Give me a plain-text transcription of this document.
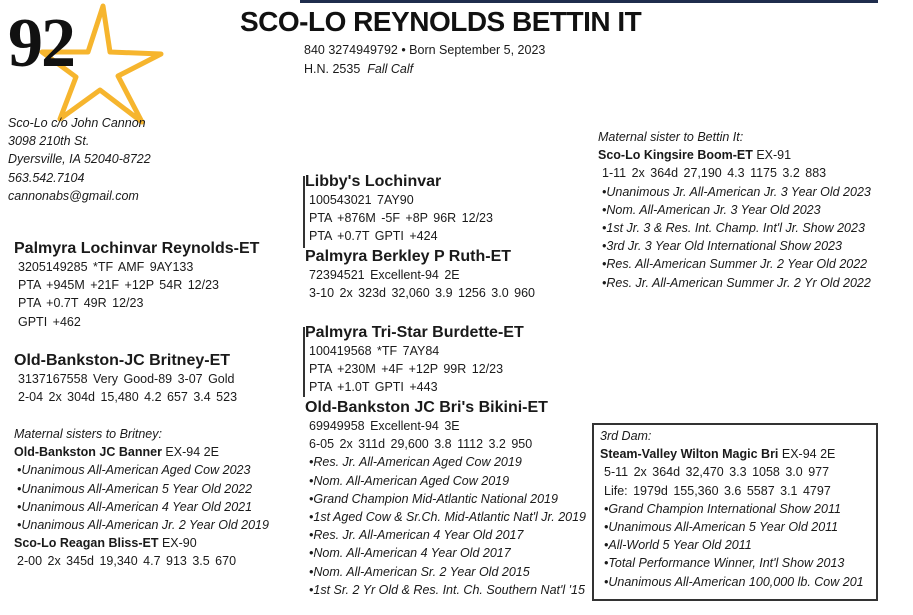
92	SCO-LO REYNOLDS BETTIN IT
840 3274949792 • Born September 5, 2023
H.N. 2535 Fall Calf
Sco-Lo c/o John Cannon
3098 210th St.
Dyersville, IA 52040-8722
563.542.7104
cannonabs@gmail.com
Libby's Lochinvar
100543021 7AY90
PTA +876M -5F +8P 96R 12/23
PTA +0.7T GPTI +424
Palmyra Berkley P Ruth-ET
72394521 Excellent-94 2E
3-10 2x 323d 32,060 3.9 1256 3.0 960
Palmyra Lochinvar Reynolds-ET
3205149285 *TF AMF 9AY133
PTA +945M +21F +12P 54R 12/23
PTA +0.7T 49R 12/23
GPTI +462
Old-Bankston-JC Britney-ET
3137167558 Very Good-89 3-07 Gold
2-04 2x 304d 15,480 4.2 657 3.4 523
Maternal sisters to Britney:
Old-Bankston JC Banner EX-94 2E
•Unanimous All-American Aged Cow 2023
•Unanimous All-American 5 Year Old 2022
•Unanimous All-American 4 Year Old 2021
•Unanimous All-American Jr. 2 Year Old 2019
Sco-Lo Reagan Bliss-ET EX-90
2-00 2x 345d 19,340 4.7 913 3.5 670
Palmyra Tri-Star Burdette-ET
100419568 *TF 7AY84
PTA +230M +4F +12P 99R 12/23
PTA +1.0T GPTI +443
Old-Bankston JC Bri's Bikini-ET
69949958 Excellent-94 3E
6-05 2x 311d 29,600 3.8 1112 3.2 950
•Res. Jr. All-American Aged Cow 2019
•Nom. All-American Aged Cow 2019
•Grand Champion Mid-Atlantic National 2019
•1st Aged Cow & Sr.Ch. Mid-Atlantic Nat'l Jr. 2019
•Res. Jr. All-American 4 Year Old 2017
•Nom. All-American 4 Year Old 2017
•Nom. All-American Sr. 2 Year Old 2015
•1st Sr. 2 Yr Old & Res. Int. Ch. Southern Nat'l '15
Maternal sister to Bettin It:
Sco-Lo Kingsire Boom-ET EX-91
1-11 2x 364d 27,190 4.3 1175 3.2 883
•Unanimous Jr. All-American Jr. 3 Year Old 2023
•Nom. All-American Jr. 3 Year Old 2023
•1st Jr. 3 & Res. Int. Champ. Int'l Jr. Show 2023
•3rd Jr. 3 Year Old International Show 2023
•Res. All-American Summer Jr. 2 Year Old 2022
•Res. Jr. All-American Summer Jr. 2 Yr Old 2022
3rd Dam:
Steam-Valley Wilton Magic Bri EX-94 2E
5-11 2x 364d 32,470 3.3 1058 3.0 977
Life: 1979d 155,360 3.6 5587 3.1 4797
•Grand Champion International Show 2011
•Unanimous All-American 5 Year Old 2011
•All-World 5 Year Old 2011
•Total Performance Winner, Int'l Show 2013
•Unanimous All-American 100,000 lb. Cow 201
